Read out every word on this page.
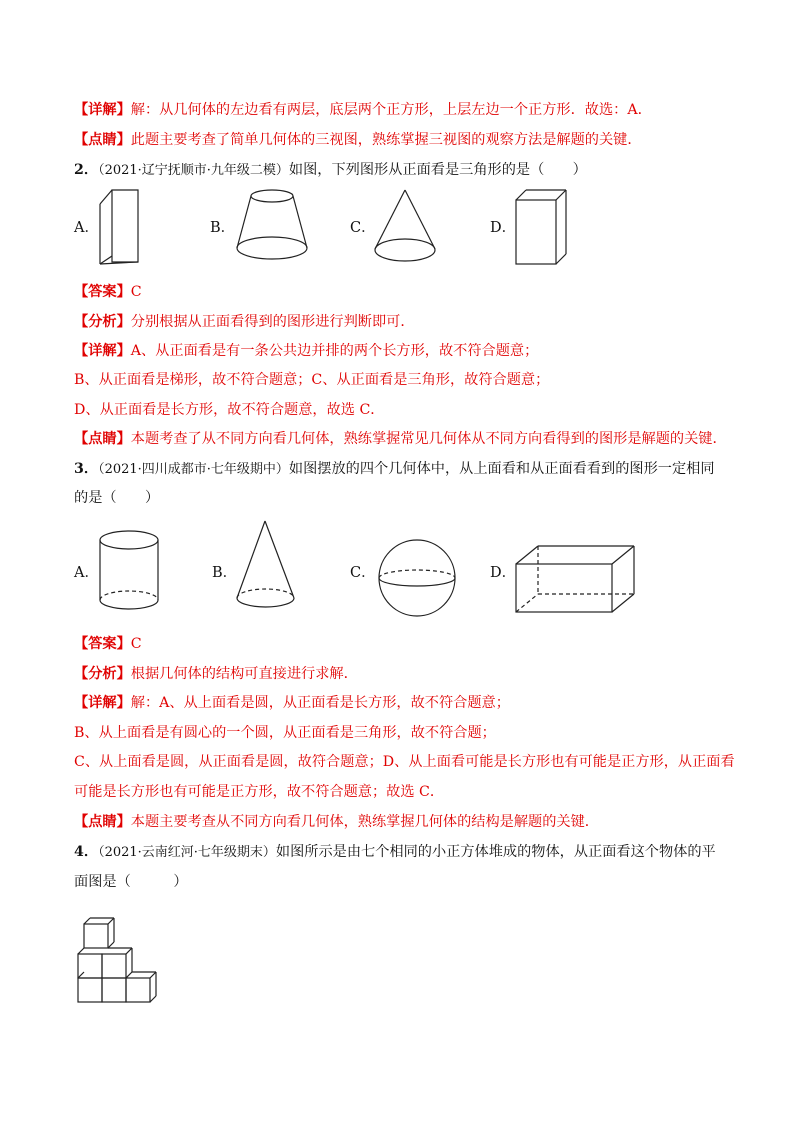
【详解】解：从几何体的左边看有两层，底层两个正方形，上层左边一个正方形．故选：A．
【点睛】此题主要考查了简单几何体的三视图，熟练掌握三视图的观察方法是解题的关键．
2．（2021·辽宁抚顺市·九年级二模）如图，下列图形从正面看是三角形的是（　　）
A．	B．	C．	D．
【答案】C
【分析】分别根据从正面看得到的图形进行判断即可．
【详解】A、从正面看是有一条公共边并排的两个长方形，故不符合题意；
B、从正面看是梯形，故不符合题意；C、从正面看是三角形，故符合题意；
D、从正面看是长方形，故不符合题意，故选 C．
【点睛】本题考查了从不同方向看几何体，熟练掌握常见几何体从不同方向看得到的图形是解题的关键．
3．（2021·四川成都市·七年级期中）如图摆放的四个几何体中，从上面看和从正面看看到的图形一定相同
的是（　　）
A．	B．	C．	D．
【答案】C
【分析】根据几何体的结构可直接进行求解．
【详解】解：A、从上面看是圆，从正面看是长方形，故不符合题意；
B、从上面看是有圆心的一个圆，从正面看是三角形，故不符合题；
C、从上面看是圆，从正面看是圆，故符合题意；D、从上面看可能是长方形也有可能是正方形，从正面看
可能是长方形也有可能是正方形，故不符合题意；故选 C．
【点睛】本题主要考查从不同方向看几何体，熟练掌握几何体的结构是解题的关键．
4．（2021·云南红河·七年级期末）如图所示是由七个相同的小正方体堆成的物体，从正面看这个物体的平
面图是（　　　）
